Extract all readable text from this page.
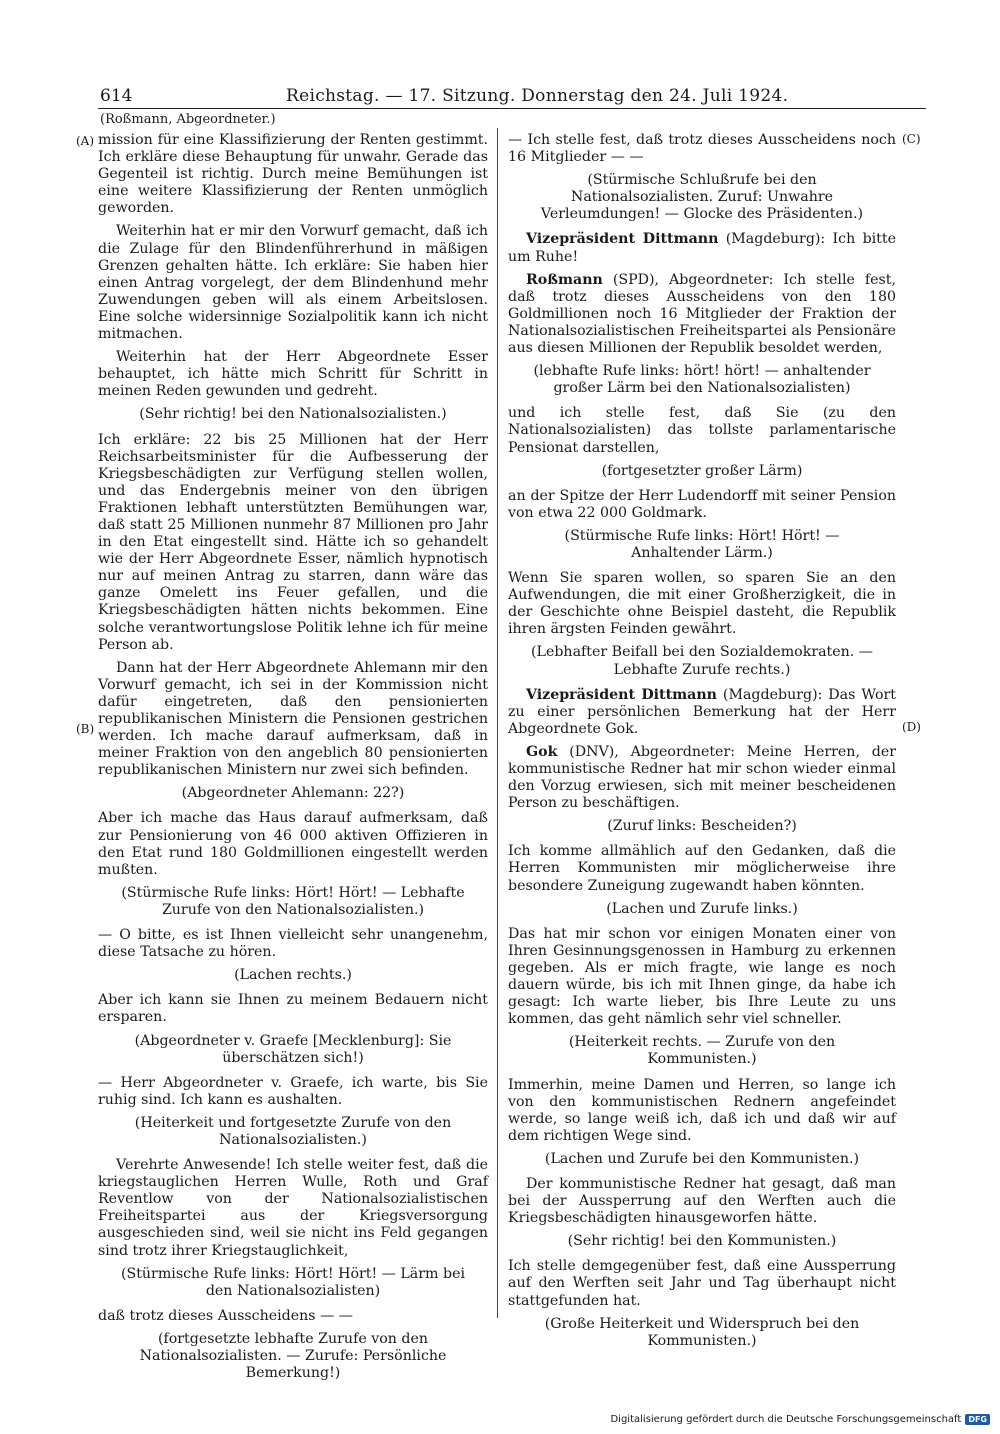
614	Reichstag. — 17. Sitzung. Donnerstag den 24. Juli 1924.
(Roßmann, Abgeordneter.)
(A)
(B)
(C)
(D)

mission für eine Klassifizierung der Renten gestimmt. Ich erkläre diese Behauptung für unwahr. Gerade das Gegenteil ist richtig. Durch meine Bemühungen ist eine weitere Klassifizierung der Renten unmöglich geworden.

Weiterhin hat er mir den Vorwurf gemacht, daß ich die Zulage für den Blindenführerhund in mäßigen Grenzen gehalten hätte. Ich erkläre: Sie haben hier einen Antrag vorgelegt, der dem Blindenhund mehr Zuwendungen geben will als einem Arbeitslosen. Eine solche widersinnige Sozialpolitik kann ich nicht mitmachen.

Weiterhin hat der Herr Abgeordnete Esser behauptet, ich hätte mich Schritt für Schritt in meinen Reden gewunden und gedreht.

(Sehr richtig! bei den Nationalsozialisten.)

Ich erkläre: 22 bis 25 Millionen hat der Herr Reichsarbeitsminister für die Aufbesserung der Kriegsbeschädigten zur Verfügung stellen wollen, und das Endergebnis meiner von den übrigen Fraktionen lebhaft unterstützten Bemühungen war, daß statt 25 Millionen nunmehr 87 Millionen pro Jahr in den Etat eingestellt sind. Hätte ich so gehandelt wie der Herr Abgeordnete Esser, nämlich hypnotisch nur auf meinen Antrag zu starren, dann wäre das ganze Omelett ins Feuer gefallen, und die Kriegsbeschädigten hätten nichts bekommen. Eine solche verantwortungslose Politik lehne ich für meine Person ab.

Dann hat der Herr Abgeordnete Ahlemann mir den Vorwurf gemacht, ich sei in der Kommission nicht dafür eingetreten, daß den pensionierten republikanischen Ministern die Pensionen gestrichen werden. Ich mache darauf aufmerksam, daß in meiner Fraktion von den angeblich 80 pensionierten republikanischen Ministern nur zwei sich befinden.

(Abgeordneter Ahlemann: 22?)

Aber ich mache das Haus darauf aufmerksam, daß zur Pensionierung von 46 000 aktiven Offizieren in den Etat rund 180 Goldmillionen eingestellt werden mußten.

(Stürmische Rufe links: Hört! Hört! — Lebhafte Zurufe von den Nationalsozialisten.)

— O bitte, es ist Ihnen vielleicht sehr unangenehm, diese Tatsache zu hören.

(Lachen rechts.)

Aber ich kann sie Ihnen zu meinem Bedauern nicht ersparen.

(Abgeordneter v. Graefe [Mecklenburg]: Sie überschätzen sich!)

— Herr Abgeordneter v. Graefe, ich warte, bis Sie ruhig sind. Ich kann es aushalten.

(Heiterkeit und fortgesetzte Zurufe von den Nationalsozialisten.)

Verehrte Anwesende! Ich stelle weiter fest, daß die kriegstauglichen Herren Wulle, Roth und Graf Reventlow von der Nationalsozialistischen Freiheitspartei aus der Kriegsversorgung ausgeschieden sind, weil sie nicht ins Feld gegangen sind trotz ihrer Kriegstauglichkeit,

(Stürmische Rufe links: Hört! Hört! — Lärm bei den Nationalsozialisten)

daß trotz dieses Ausscheidens — —

(fortgesetzte lebhafte Zurufe von den Nationalsozialisten. — Zurufe: Persönliche Bemerkung!)

— Ich stelle fest, daß trotz dieses Ausscheidens noch 16 Mitglieder — —

(Stürmische Schlußrufe bei den Nationalsozialisten. Zuruf: Unwahre Verleumdungen! — Glocke des Präsidenten.)

Vizepräsident Dittmann (Magdeburg): Ich bitte um Ruhe!

Roßmann (SPD), Abgeordneter: Ich stelle fest, daß trotz dieses Ausscheidens von den 180 Goldmillionen noch 16 Mitglieder der Fraktion der Nationalsozialistischen Freiheitspartei als Pensionäre aus diesen Millionen der Republik besoldet werden,

(lebhafte Rufe links: hört! hört! — anhaltender großer Lärm bei den Nationalsozialisten)

und ich stelle fest, daß Sie (zu den Nationalsozialisten) das tollste parlamentarische Pensionat darstellen,

(fortgesetzter großer Lärm)

an der Spitze der Herr Ludendorff mit seiner Pension von etwa 22 000 Goldmark.

(Stürmische Rufe links: Hört! Hört! — Anhaltender Lärm.)

Wenn Sie sparen wollen, so sparen Sie an den Aufwendungen, die mit einer Großherzigkeit, die in der Geschichte ohne Beispiel dasteht, die Republik ihren ärgsten Feinden gewährt.

(Lebhafter Beifall bei den Sozialdemokraten. — Lebhafte Zurufe rechts.)

Vizepräsident Dittmann (Magdeburg): Das Wort zu einer persönlichen Bemerkung hat der Herr Abgeordnete Gok.

Gok (DNV), Abgeordneter: Meine Herren, der kommunistische Redner hat mir schon wieder einmal den Vorzug erwiesen, sich mit meiner bescheidenen Person zu beschäftigen.

(Zuruf links: Bescheiden?)

Ich komme allmählich auf den Gedanken, daß die Herren Kommunisten mir möglicherweise ihre besondere Zuneigung zugewandt haben könnten.

(Lachen und Zurufe links.)

Das hat mir schon vor einigen Monaten einer von Ihren Gesinnungsgenossen in Hamburg zu erkennen gegeben. Als er mich fragte, wie lange es noch dauern würde, bis ich mit Ihnen ginge, da habe ich gesagt: Ich warte lieber, bis Ihre Leute zu uns kommen, das geht nämlich sehr viel schneller.

(Heiterkeit rechts. — Zurufe von den Kommunisten.)

Immerhin, meine Damen und Herren, so lange ich von den kommunistischen Rednern angefeindet werde, so lange weiß ich, daß ich und daß wir auf dem richtigen Wege sind.

(Lachen und Zurufe bei den Kommunisten.)

Der kommunistische Redner hat gesagt, daß man bei der Aussperrung auf den Werften auch die Kriegsbeschädigten hinausgeworfen hätte.

(Sehr richtig! bei den Kommunisten.)

Ich stelle demgegenüber fest, daß eine Aussperrung auf den Werften seit Jahr und Tag überhaupt nicht stattgefunden hat.

(Große Heiterkeit und Widerspruch bei den Kommunisten.)

Digitalisierung gefördert durch die Deutsche Forschungsgemeinschaft DFG
